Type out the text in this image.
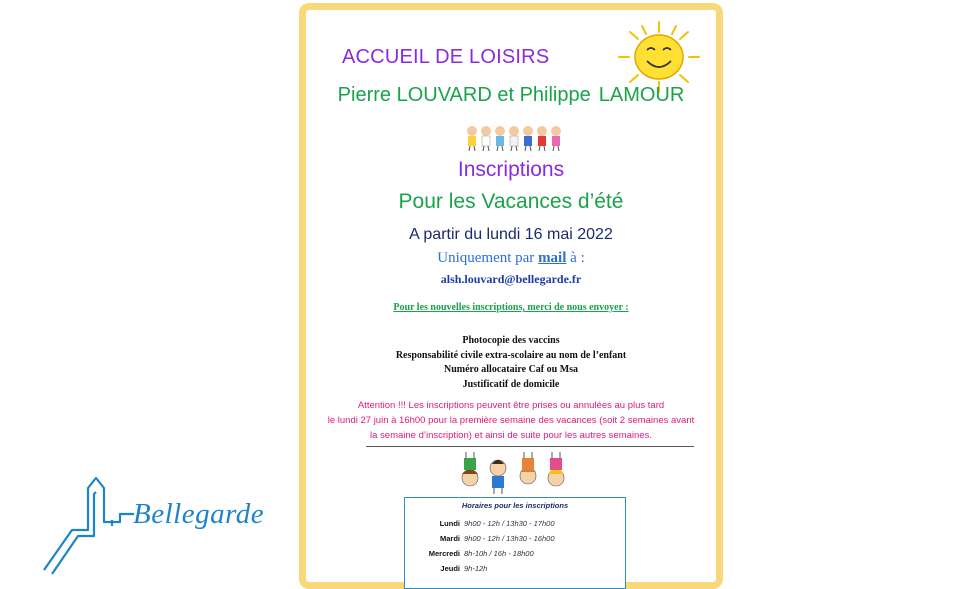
ACCUEIL DE LOISIRS
Pierre LOUVARD et Philippe LAMOUR
Inscriptions
Pour les Vacances d’été
A partir du lundi 16 mai 2022
Uniquement par mail à :
alsh.louvard@bellegarde.fr
Pour les nouvelles inscriptions, merci de nous envoyer :
Photocopie des vaccins
Responsabilité civile extra-scolaire au nom de l’enfant
Numéro allocataire Caf ou Msa
Justificatif de domicile
Attention !!! Les inscriptions peuvent être prises ou annulées au plus tard
le lundi 27 juin à 16h00 pour la première semaine des vacances (soit 2 semaines avant
la semaine d’inscription) et ainsi de suite pour les autres semaines.
Horaires pour les inscriptions
Lundi 9h00 - 12h / 13h30 - 17h00
Mardi 9h00 - 12h / 13h30 - 16h00
Mercredi 8h-10h / 16h - 18h00
Jeudi 9h-12h
Bellegarde
